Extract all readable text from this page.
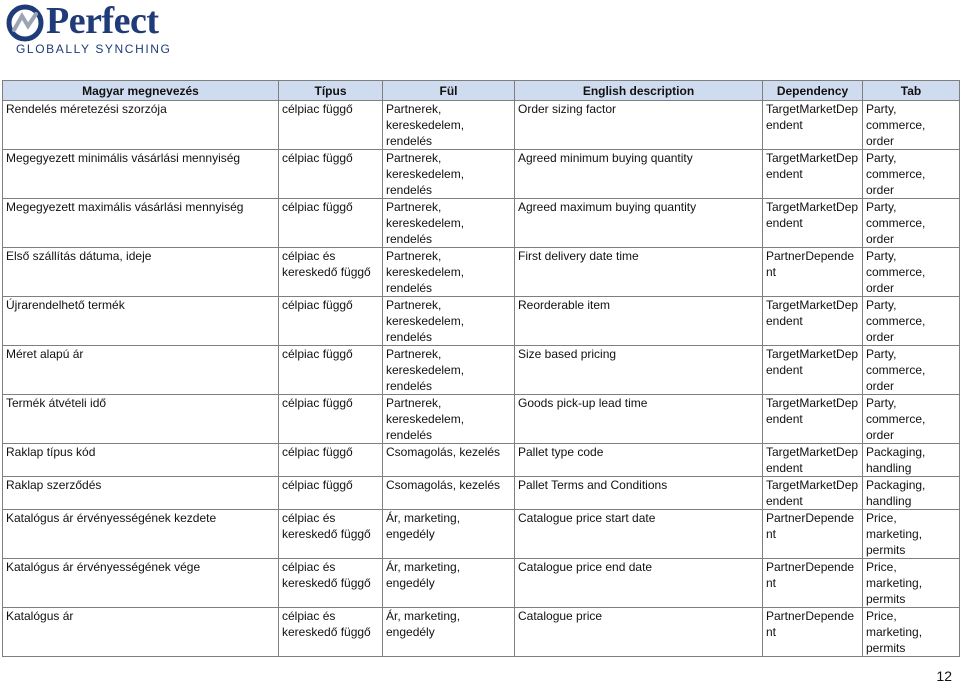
Perfect
GLOBALLY SYNCHING
Magyar megnevezés	Típus	Fül	English description	Dependency	Tab
Rendelés méretezési szorzója	célpiac függő	Partnerek, kereskedelem, rendelés	Order sizing factor	TargetMarketDependent	Party, commerce, order
Megegyezett minimális vásárlási mennyiség	célpiac függő	Partnerek, kereskedelem, rendelés	Agreed minimum buying quantity	TargetMarketDependent	Party, commerce, order
Megegyezett maximális vásárlási mennyiség	célpiac függő	Partnerek, kereskedelem, rendelés	Agreed maximum buying quantity	TargetMarketDependent	Party, commerce, order
Első szállítás dátuma, ideje	célpiac és kereskedő függő	Partnerek, kereskedelem, rendelés	First delivery date time	PartnerDependent	Party, commerce, order
Újrarendelhető termék	célpiac függő	Partnerek, kereskedelem, rendelés	Reorderable item	TargetMarketDependent	Party, commerce, order
Méret alapú ár	célpiac függő	Partnerek, kereskedelem, rendelés	Size based pricing	TargetMarketDependent	Party, commerce, order
Termék átvételi idő	célpiac függő	Partnerek, kereskedelem, rendelés	Goods pick-up lead time	TargetMarketDependent	Party, commerce, order
Raklap típus kód	célpiac függő	Csomagolás, kezelés	Pallet type code	TargetMarketDependent	Packaging, handling
Raklap szerződés	célpiac függő	Csomagolás, kezelés	Pallet Terms and Conditions	TargetMarketDependent	Packaging, handling
Katalógus ár érvényességének kezdete	célpiac és kereskedő függő	Ár, marketing, engedély	Catalogue price start date	PartnerDependent	Price, marketing, permits
Katalógus ár érvényességének vége	célpiac és kereskedő függő	Ár, marketing, engedély	Catalogue price end date	PartnerDependent	Price, marketing, permits
Katalógus ár	célpiac és kereskedő függő	Ár, marketing, engedély	Catalogue price	PartnerDependent	Price, marketing, permits
12
